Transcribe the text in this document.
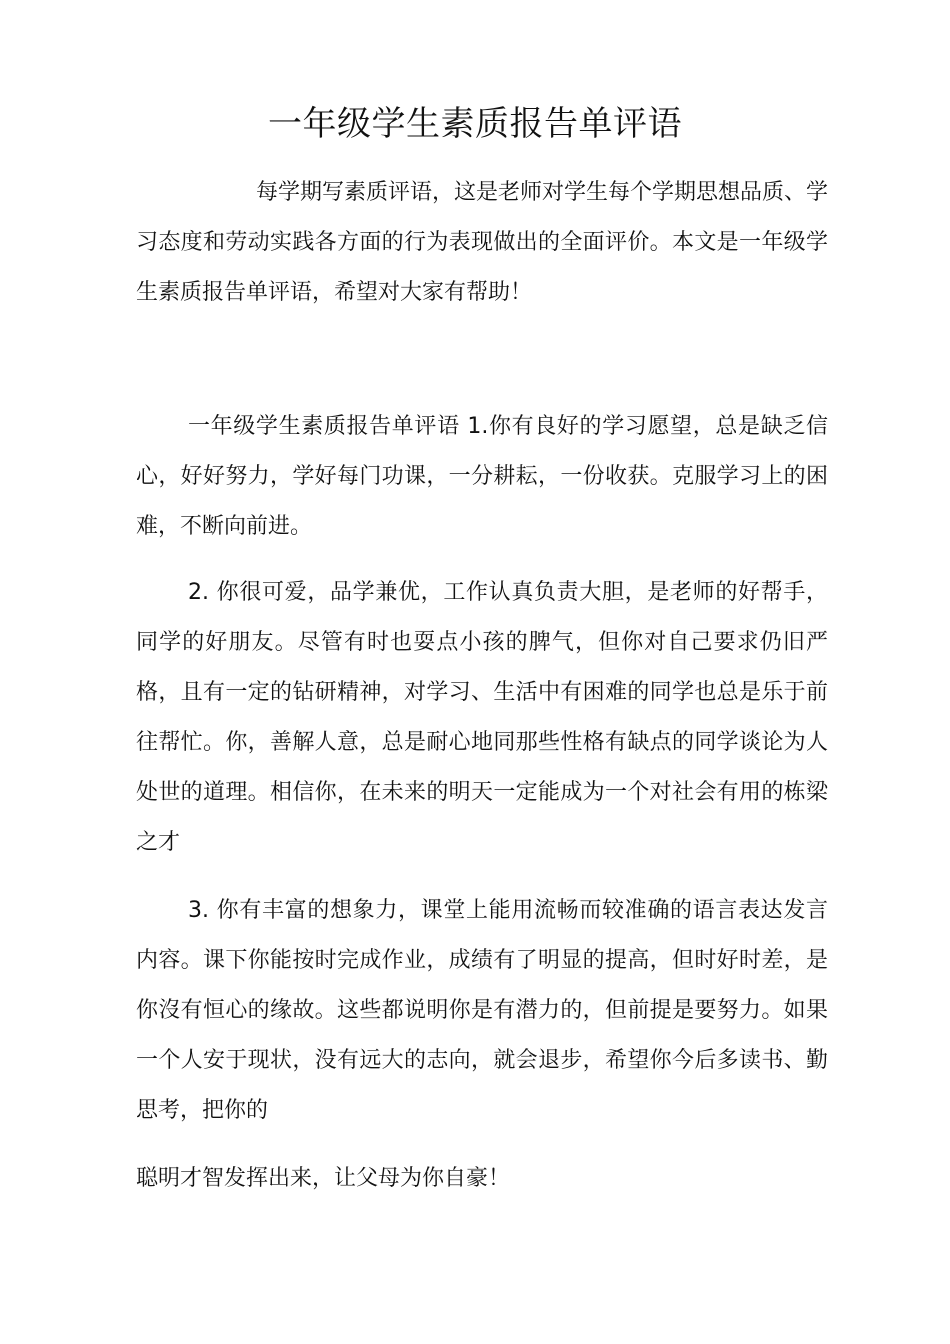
一年级学生素质报告单评语

每学期写素质评语，这是老师对学生每个学期思想品质、学习态度和劳动实践各方面的行为表现做出的全面评价。本文是一年级学生素质报告单评语，希望对大家有帮助！

一年级学生素质报告单评语 1.你有良好的学习愿望，总是缺乏信心，好好努力，学好每门功课，一分耕耘，一份收获。克服学习上的困难，不断向前进。

2. 你很可爱，品学兼优，工作认真负责大胆，是老师的好帮手，同学的好朋友。尽管有时也耍点小孩的脾气，但你对自己要求仍旧严格，且有一定的钻研精神，对学习、生活中有困难的同学也总是乐于前往帮忙。你，善解人意，总是耐心地同那些性格有缺点的同学谈论为人处世的道理。相信你，在未来的明天一定能成为一个对社会有用的栋梁之才

3. 你有丰富的想象力，课堂上能用流畅而较准确的语言表达发言内容。课下你能按时完成作业，成绩有了明显的提高，但时好时差，是你沒有恒心的缘故。这些都说明你是有潜力的，但前提是要努力。如果一个人安于现状，没有远大的志向，就会退步，希望你今后多读书、勤思考，把你的

聪明才智发挥出来，让父母为你自豪！
